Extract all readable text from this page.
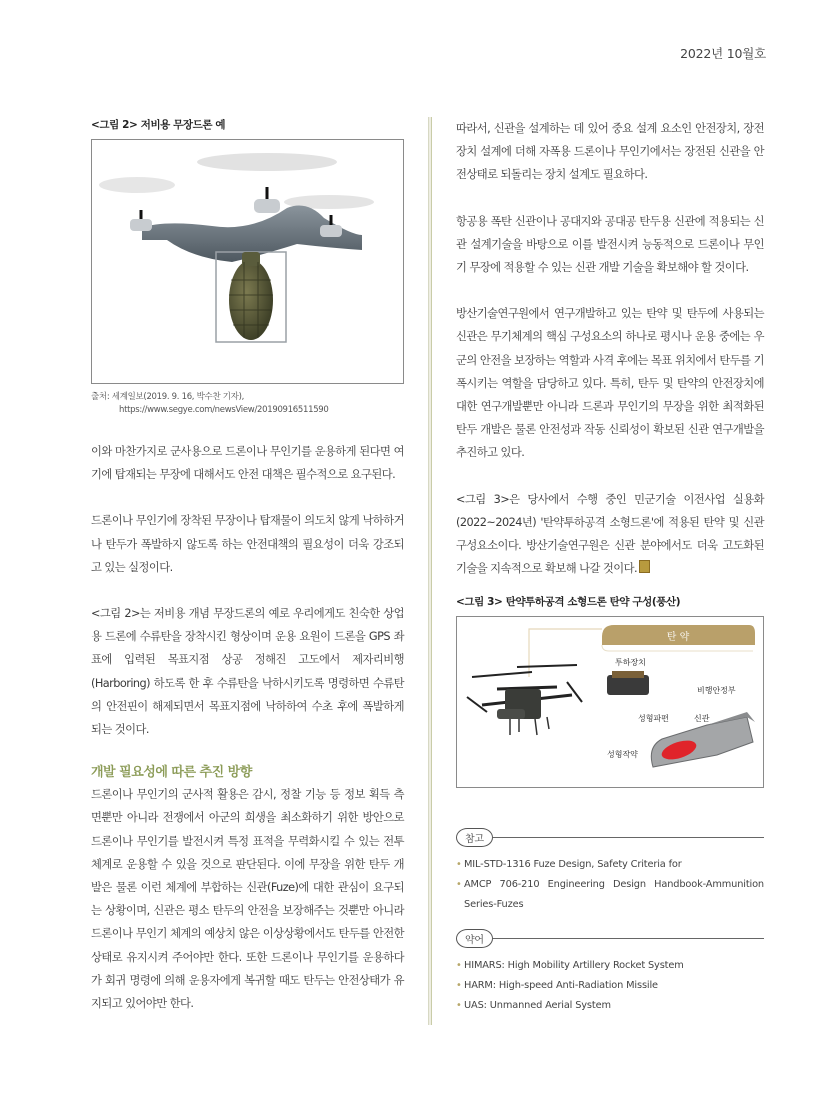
2022년 10월호
<그림 2> 저비용 무장드론 예
출처: 세계일보(2019. 9. 16, 박수찬 기자),
https://www.segye.com/newsView/20190916511590

이와 마찬가지로 군사용으로 드론이나 무인기를 운용하게 된다면 여기에 탑재되는 무장에 대해서도 안전 대책은 필수적으로 요구된다.

드론이나 무인기에 장착된 무장이나 탑재물이 의도치 않게 낙하하거나 탄두가 폭발하지 않도록 하는 안전대책의 필요성이 더욱 강조되고 있는 실정이다.

<그림 2>는 저비용 개념 무장드론의 예로 우리에게도 친숙한 상업용 드론에 수류탄을 장착시킨 형상이며 운용 요원이 드론을 GPS 좌표에 입력된 목표지점 상공 정해진 고도에서 제자리비행(Harboring) 하도록 한 후 수류탄을 낙하시키도록 명령하면 수류탄의 안전핀이 해제되면서 목표지점에 낙하하여 수초 후에 폭발하게 되는 것이다.

개발 필요성에 따른 추진 방향

드론이나 무인기의 군사적 활용은 감시, 정찰 기능 등 정보 획득 측면뿐만 아니라 전쟁에서 아군의 희생을 최소화하기 위한 방안으로 드론이나 무인기를 발전시켜 특정 표적을 무력화시킬 수 있는 전투체계로 운용할 수 있을 것으로 판단된다. 이에 무장을 위한 탄두 개발은 물론 이런 체계에 부합하는 신관(Fuze)에 대한 관심이 요구되는 상황이며, 신관은 평소 탄두의 안전을 보장해주는 것뿐만 아니라 드론이나 무인기 체계의 예상치 않은 이상상황에서도 탄두를 안전한 상태로 유지시켜 주어야만 한다. 또한 드론이나 무인기를 운용하다가 회귀 명령에 의해 운용자에게 복귀할 때도 탄두는 안전상태가 유지되고 있어야만 한다.

따라서, 신관을 설계하는 데 있어 중요 설계 요소인 안전장치, 장전장치 설계에 더해 자폭용 드론이나 무인기에서는 장전된 신관을 안전상태로 되돌리는 장치 설계도 필요하다.

항공용 폭탄 신관이나 공대지와 공대공 탄두용 신관에 적용되는 신관 설계기술을 바탕으로 이를 발전시켜 능동적으로 드론이나 무인기 무장에 적용할 수 있는 신관 개발 기술을 확보해야 할 것이다.

방산기술연구원에서 연구개발하고 있는 탄약 및 탄두에 사용되는 신관은 무기체계의 핵심 구성요소의 하나로 평시나 운용 중에는 우군의 안전을 보장하는 역할과 사격 후에는 목표 위치에서 탄두를 기폭시키는 역할을 담당하고 있다. 특히, 탄두 및 탄약의 안전장치에 대한 연구개발뿐만 아니라 드론과 무인기의 무장을 위한 최적화된 탄두 개발은 물론 안전성과 작동 신뢰성이 확보된 신관 연구개발을 추진하고 있다.

<그림 3>은 당사에서 수행 중인 민군기술 이전사업 실용화(2022~2024년) '탄약투하공격 소형드론'에 적용된 탄약 및 신관 구성요소이다. 방산기술연구원은 신관 분야에서도 더욱 고도화된 기술을 지속적으로 확보해 나갈 것이다.

<그림 3> 탄약투하공격 소형드론 탄약 구성(풍산)
탄 약
투하장치
비행안정부
성형파편	신관
성형작약
참고
• MIL-STD-1316 Fuze Design, Safety Criteria for
• AMCP 706-210 Engineering Design Handbook-Ammunition Series-Fuzes
약어
• HIMARS: High Mobility Artillery Rocket System
• HARM: High-speed Anti-Radiation Missile
• UAS: Unmanned Aerial System
